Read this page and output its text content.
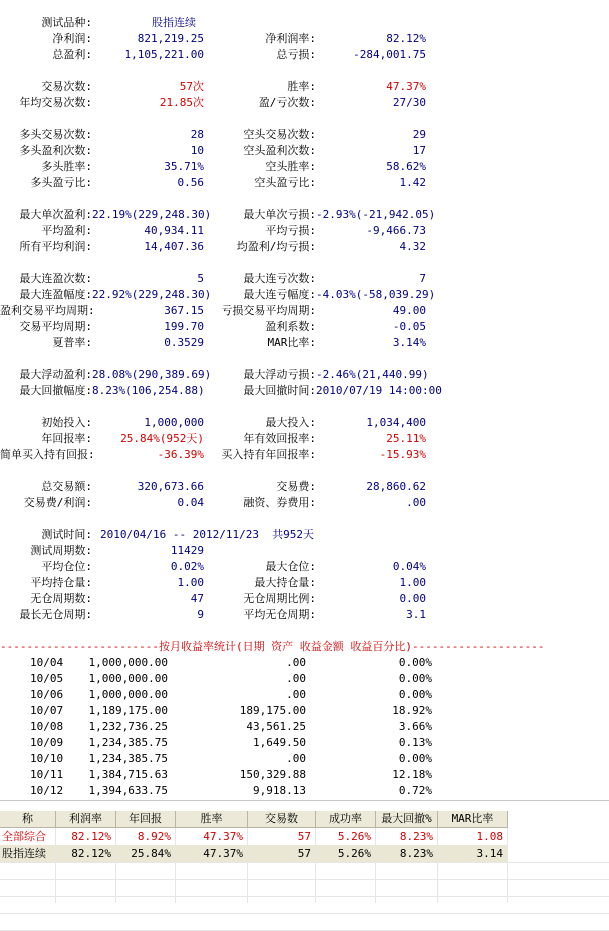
测试品种:	股指连续
净利润:	821,219.25	净利润率:	82.12%
总盈利:	1,105,221.00	总亏损:	-284,001.75
交易次数:	57次	胜率:	47.37%
年均交易次数:	21.85次	盈/亏次数:	27/30
多头交易次数:	28	空头交易次数:	29
多头盈利次数:	10	空头盈利次数:	17
多头胜率:	35.71%	空头胜率:	58.62%
多头盈亏比:	0.56	空头盈亏比:	1.42
最大单次盈利: 22.19%(229,248.30)	最大单次亏损: -2.93%(-21,942.05)
平均盈利:	40,934.11	平均亏损:	-9,466.73
所有平均利润:	14,407.36	均盈利/均亏损:	4.32
最大连盈次数:	5	最大连亏次数:	7
最大连盈幅度: 22.92%(229,248.30)	最大连亏幅度: -4.03%(-58,039.29)
盈利交易平均周期:	367.15	亏损交易平均周期:	49.00
交易平均周期:	199.70	盈利系数:	-0.05
夏普率:	0.3529	MAR比率:	3.14%
最大浮动盈利: 28.08%(290,389.69)	最大浮动亏损: -2.46%(21,440.99)
最大回撤幅度: 8.23%(106,254.88)	最大回撤时间: 2010/07/19 14:00:00
初始投入:	1,000,000	最大投入:	1,034,400
年回报率:	25.84%(952天)	年有效回报率:	25.11%
简单买入持有回报:	-36.39%	买入持有年回报率:	-15.93%
总交易额:	320,673.66	交易费:	28,860.62
交易费/利润:	0.04	融资、券费用:	.00
测试时间: 2010/04/16 -- 2012/11/23  共952天
测试周期数:	11429
平均仓位:	0.02%	最大仓位:	0.04%
平均持仓量:	1.00	最大持仓量:	1.00
无仓周期数:	47	无仓周期比例:	0.00
最长无仓周期:	9	平均无仓周期:	3.1
------------------------按月收益率统计(日期 资产 收益金额 收益百分比)--------------------
10/04	1,000,000.00	.00	0.00%
10/05	1,000,000.00	.00	0.00%
10/06	1,000,000.00	.00	0.00%
10/07	1,189,175.00	189,175.00	18.92%
10/08	1,232,736.25	43,561.25	3.66%
10/09	1,234,385.75	1,649.50	0.13%
10/10	1,234,385.75	.00	0.00%
10/11	1,384,715.63	150,329.88	12.18%
10/12	1,394,633.75	9,918.13	0.72%
称	利润率	年回报	胜率	交易数	成功率	最大回撤%	MAR比率
全部综合	82.12%	8.92%	47.37%	57	5.26%	8.23%	1.08
股指连续	82.12%	25.84%	47.37%	57	5.26%	8.23%	3.14
